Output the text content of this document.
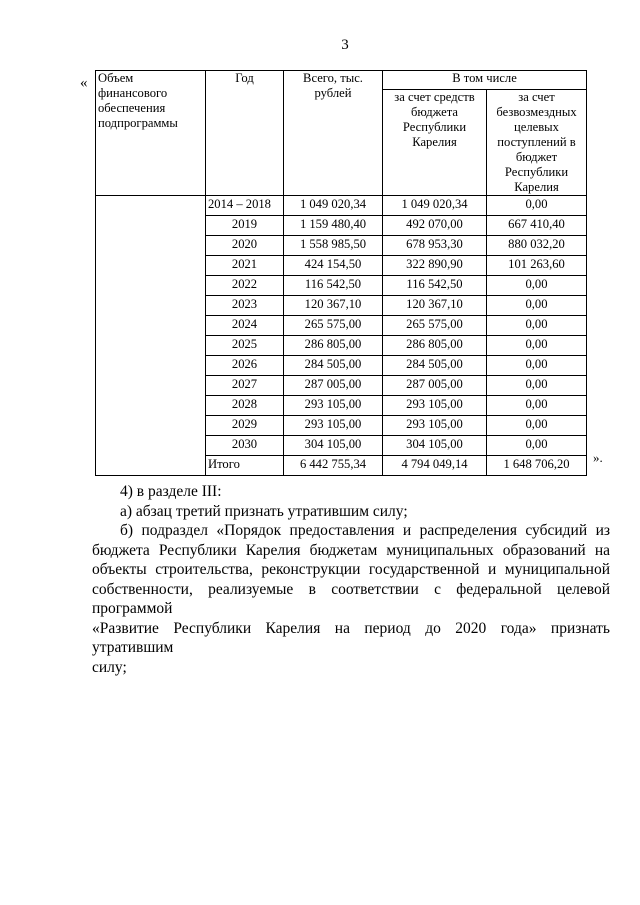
3
« Объем финансового обеспечения подпрограммы	Год	Всего, тыс. рублей	В том числе	
			за счет средств бюджета Республики Карелия	за счет безвозмездных целевых поступлений в бюджет Республики Карелия
	2014 – 2018	1 049 020,34	1 049 020,34	0,00
	2019	1 159 480,40	492 070,00	667 410,40
	2020	1 558 985,50	678 953,30	880 032,20
	2021	424 154,50	322 890,90	101 263,60
	2022	116 542,50	116 542,50	0,00
	2023	120 367,10	120 367,10	0,00
	2024	265 575,00	265 575,00	0,00
	2025	286 805,00	286 805,00	0,00
	2026	284 505,00	284 505,00	0,00
	2027	287 005,00	287 005,00	0,00
	2028	293 105,00	293 105,00	0,00
	2029	293 105,00	293 105,00	0,00
	2030	304 105,00	304 105,00	0,00
	Итого	6 442 755,34	4 794 049,14	1 648 706,20 ».

4) в разделе III:

а) абзац третий признать утратившим силу;

б) подраздел «Порядок предоставления и распределения субсидий из
бюджета Республики Карелия бюджетам муниципальных образований на
объекты строительства, реконструкции государственной и муниципальной
собственности, реализуемые в соответствии с федеральной целевой программой
«Развитие Республики Карелия на период до 2020 года» признать утратившим
силу;
